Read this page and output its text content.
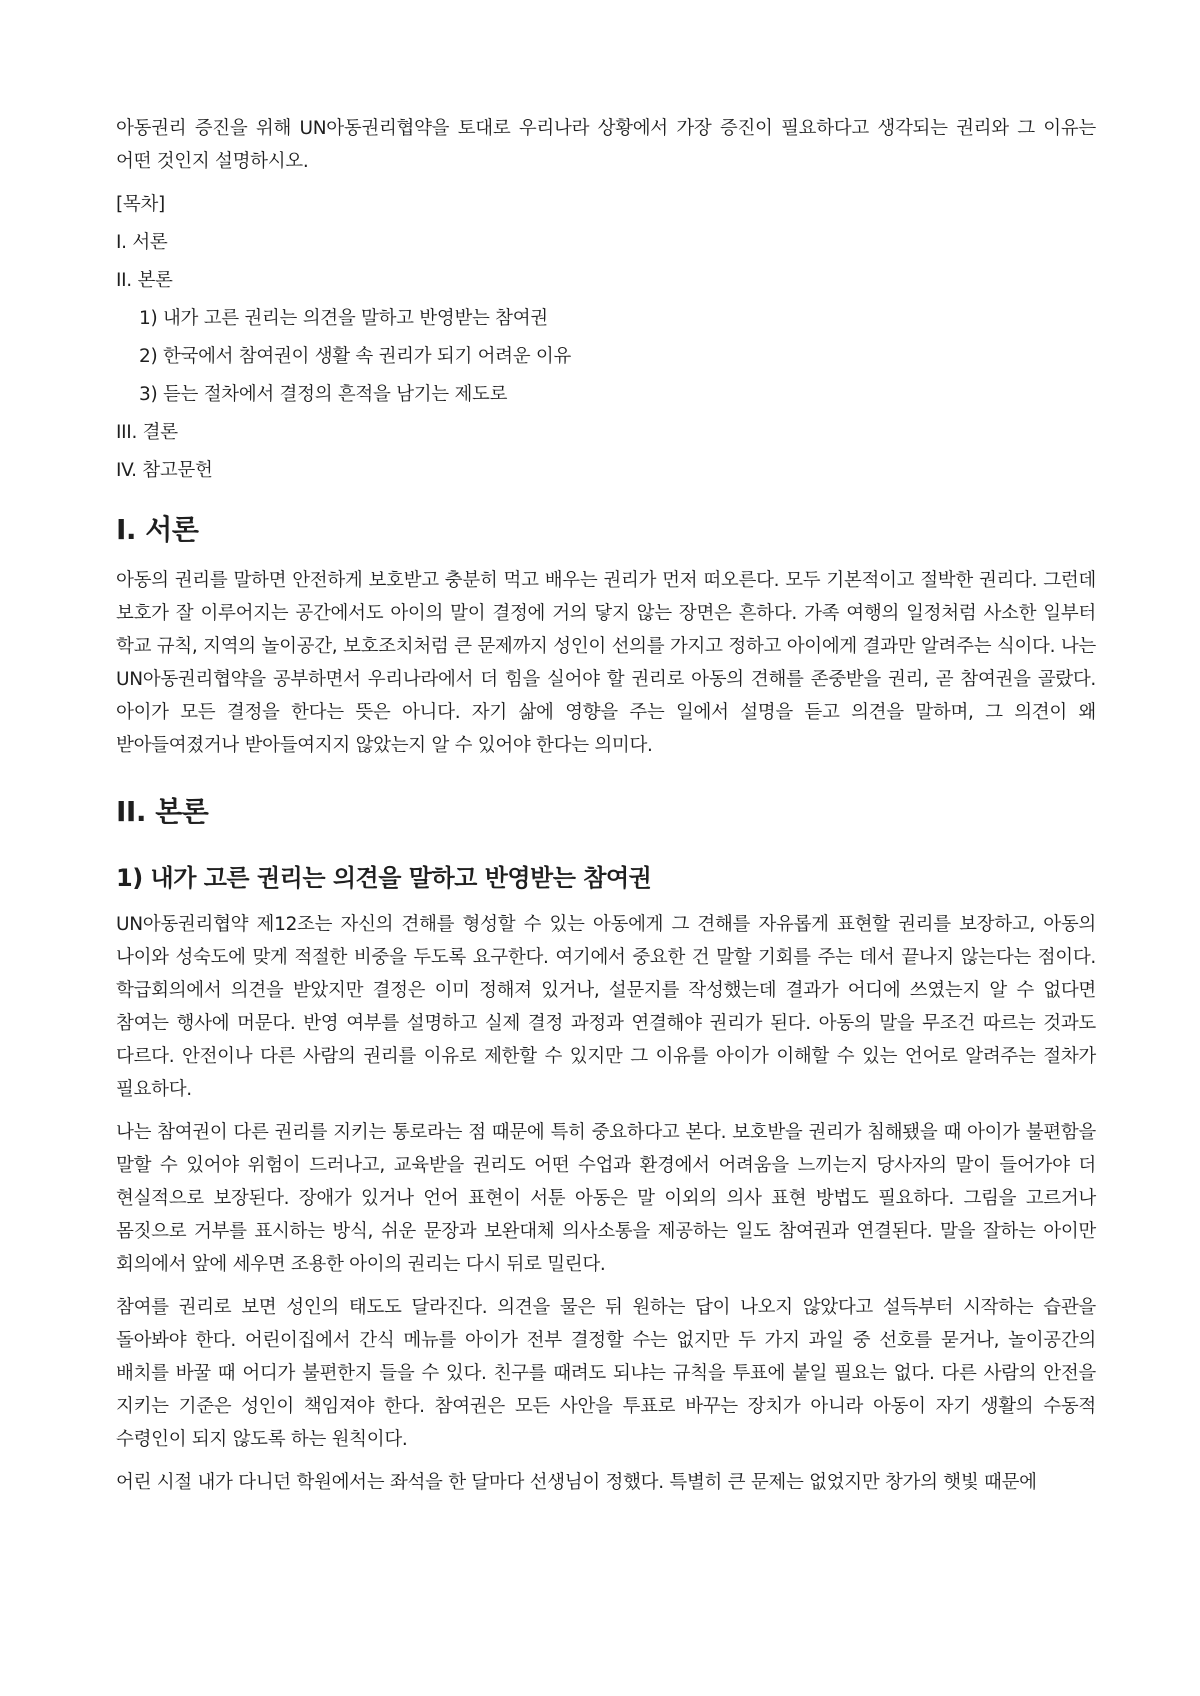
아동권리 증진을 위해 UN아동권리협약을 토대로 우리나라 상황에서 가장 증진이 필요하다고 생각되는 권리와 그 이유는 어떤 것인지 설명하시오.

[목차]
I. 서론
II. 본론
1) 내가 고른 권리는 의견을 말하고 반영받는 참여권
2) 한국에서 참여권이 생활 속 권리가 되기 어려운 이유
3) 듣는 절차에서 결정의 흔적을 남기는 제도로
III. 결론
IV. 참고문헌
I. 서론

아동의 권리를 말하면 안전하게 보호받고 충분히 먹고 배우는 권리가 먼저 떠오른다. 모두 기본적이고 절박한 권리다. 그런데 보호가 잘 이루어지는 공간에서도 아이의 말이 결정에 거의 닿지 않는 장면은 흔하다. 가족 여행의 일정처럼 사소한 일부터 학교 규칙, 지역의 놀이공간, 보호조치처럼 큰 문제까지 성인이 선의를 가지고 정하고 아이에게 결과만 알려주는 식이다. 나는 UN아동권리협약을 공부하면서 우리나라에서 더 힘을 실어야 할 권리로 아동의 견해를 존중받을 권리, 곧 참여권을 골랐다. 아이가 모든 결정을 한다는 뜻은 아니다. 자기 삶에 영향을 주는 일에서 설명을 듣고 의견을 말하며, 그 의견이 왜 받아들여졌거나 받아들여지지 않았는지 알 수 있어야 한다는 의미다.

II. 본론
1) 내가 고른 권리는 의견을 말하고 반영받는 참여권

UN아동권리협약 제12조는 자신의 견해를 형성할 수 있는 아동에게 그 견해를 자유롭게 표현할 권리를 보장하고, 아동의 나이와 성숙도에 맞게 적절한 비중을 두도록 요구한다. 여기에서 중요한 건 말할 기회를 주는 데서 끝나지 않는다는 점이다. 학급회의에서 의견을 받았지만 결정은 이미 정해져 있거나, 설문지를 작성했는데 결과가 어디에 쓰였는지 알 수 없다면 참여는 행사에 머문다. 반영 여부를 설명하고 실제 결정 과정과 연결해야 권리가 된다. 아동의 말을 무조건 따르는 것과도 다르다. 안전이나 다른 사람의 권리를 이유로 제한할 수 있지만 그 이유를 아이가 이해할 수 있는 언어로 알려주는 절차가 필요하다.

나는 참여권이 다른 권리를 지키는 통로라는 점 때문에 특히 중요하다고 본다. 보호받을 권리가 침해됐을 때 아이가 불편함을 말할 수 있어야 위험이 드러나고, 교육받을 권리도 어떤 수업과 환경에서 어려움을 느끼는지 당사자의 말이 들어가야 더 현실적으로 보장된다. 장애가 있거나 언어 표현이 서툰 아동은 말 이외의 의사 표현 방법도 필요하다. 그림을 고르거나 몸짓으로 거부를 표시하는 방식, 쉬운 문장과 보완대체 의사소통을 제공하는 일도 참여권과 연결된다. 말을 잘하는 아이만 회의에서 앞에 세우면 조용한 아이의 권리는 다시 뒤로 밀린다.

참여를 권리로 보면 성인의 태도도 달라진다. 의견을 물은 뒤 원하는 답이 나오지 않았다고 설득부터 시작하는 습관을 돌아봐야 한다. 어린이집에서 간식 메뉴를 아이가 전부 결정할 수는 없지만 두 가지 과일 중 선호를 묻거나, 놀이공간의 배치를 바꿀 때 어디가 불편한지 들을 수 있다. 친구를 때려도 되냐는 규칙을 투표에 붙일 필요는 없다. 다른 사람의 안전을 지키는 기준은 성인이 책임져야 한다. 참여권은 모든 사안을 투표로 바꾸는 장치가 아니라 아동이 자기 생활의 수동적 수령인이 되지 않도록 하는 원칙이다.

어린 시절 내가 다니던 학원에서는 좌석을 한 달마다 선생님이 정했다. 특별히 큰 문제는 없었지만 창가의 햇빛 때문에
